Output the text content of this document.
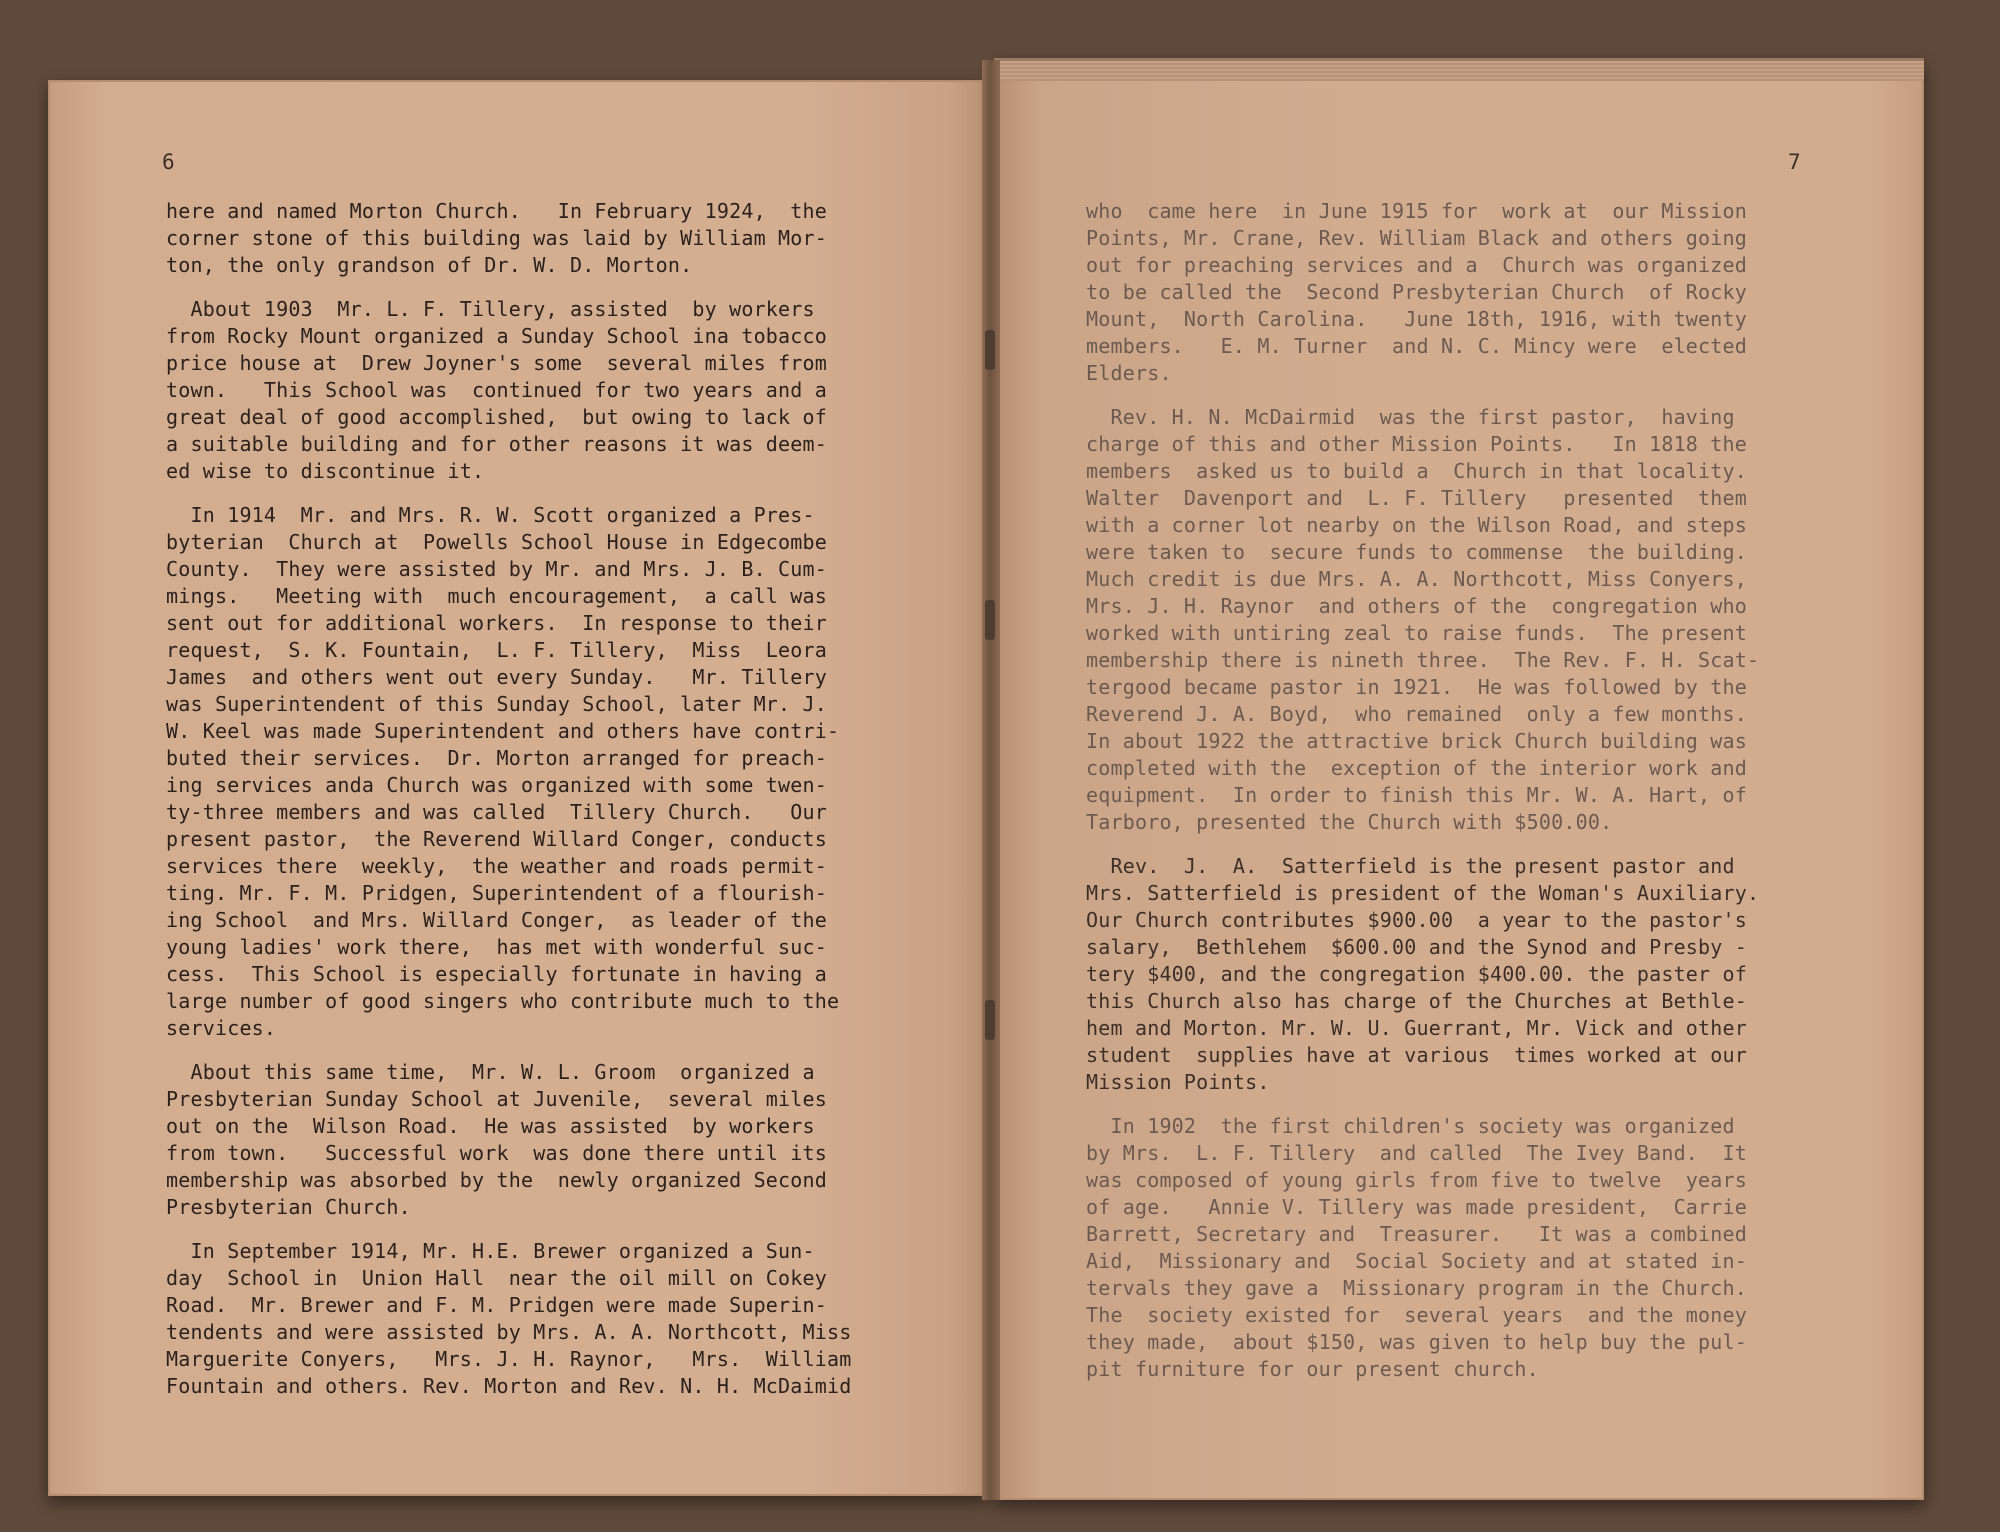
6	7

here and named Morton Church.   In February 1924,  the
corner stone of this building was laid by William Mor-
ton, the only grandson of Dr. W. D. Morton.

About 1903  Mr. L. F. Tillery, assisted  by workers
from Rocky Mount organized a Sunday School ina tobacco
price house at  Drew Joyner's some  several miles from
town.   This School was  continued for two years and a
great deal of good accomplished,  but owing to lack of
a suitable building and for other reasons it was deem-
ed wise to discontinue it.

In 1914  Mr. and Mrs. R. W. Scott organized a Pres-
byterian  Church at  Powells School House in Edgecombe
County.  They were assisted by Mr. and Mrs. J. B. Cum-
mings.   Meeting with  much encouragement,  a call was
sent out for additional workers.  In response to their
request,  S. K. Fountain,  L. F. Tillery,  Miss  Leora
James  and others went out every Sunday.   Mr. Tillery
was Superintendent of this Sunday School, later Mr. J.
W. Keel was made Superintendent and others have contri-
buted their services.  Dr. Morton arranged for preach-
ing services anda Church was organized with some twen-
ty-three members and was called  Tillery Church.   Our
present pastor,  the Reverend Willard Conger, conducts
services there  weekly,  the weather and roads permit-
ting. Mr. F. M. Pridgen, Superintendent of a flourish-
ing School  and Mrs. Willard Conger,  as leader of the
young ladies' work there,  has met with wonderful suc-
cess.  This School is especially fortunate in having a
large number of good singers who contribute much to the
services.

About this same time,  Mr. W. L. Groom  organized a
Presbyterian Sunday School at Juvenile,  several miles
out on the  Wilson Road.  He was assisted  by workers
from town.   Successful work  was done there until its
membership was absorbed by the  newly organized Second
Presbyterian Church.

In September 1914, Mr. H.E. Brewer organized a Sun-
day  School in  Union Hall  near the oil mill on Cokey
Road.  Mr. Brewer and F. M. Pridgen were made Superin-
tendents and were assisted by Mrs. A. A. Northcott, Miss
Marguerite Conyers,   Mrs. J. H. Raynor,   Mrs.  William
Fountain and others. Rev. Morton and Rev. N. H. McDaimid

who  came here  in June 1915 for  work at  our Mission
Points, Mr. Crane, Rev. William Black and others going
out for preaching services and a  Church was organized
to be called the  Second Presbyterian Church  of Rocky
Mount,  North Carolina.   June 18th, 1916, with twenty
members.   E. M. Turner  and N. C. Mincy were  elected
Elders.

Rev. H. N. McDairmid  was the first pastor,  having
charge of this and other Mission Points.   In 1818 the
members  asked us to build a  Church in that locality.
Walter  Davenport and  L. F. Tillery   presented  them
with a corner lot nearby on the Wilson Road, and steps
were taken to  secure funds to commense  the building.
Much credit is due Mrs. A. A. Northcott, Miss Conyers,
Mrs. J. H. Raynor  and others of the  congregation who
worked with untiring zeal to raise funds.  The present
membership there is nineth three.  The Rev. F. H. Scat-
tergood became pastor in 1921.  He was followed by the
Reverend J. A. Boyd,  who remained  only a few months.
In about 1922 the attractive brick Church building was
completed with the  exception of the interior work and
equipment.  In order to finish this Mr. W. A. Hart, of
Tarboro, presented the Church with $500.00.

Rev.  J.  A.  Satterfield is the present pastor and
Mrs. Satterfield is president of the Woman's Auxiliary.
Our Church contributes $900.00  a year to the pastor's
salary,  Bethlehem  $600.00 and the Synod and Presby -
tery $400, and the congregation $400.00. the paster of
this Church also has charge of the Churches at Bethle-
hem and Morton. Mr. W. U. Guerrant, Mr. Vick and other
student  supplies have at various  times worked at our
Mission Points.

In 1902  the first children's society was organized
by Mrs.  L. F. Tillery  and called  The Ivey Band.  It
was composed of young girls from five to twelve  years
of age.   Annie V. Tillery was made president,  Carrie
Barrett, Secretary and  Treasurer.   It was a combined
Aid,  Missionary and  Social Society and at stated in-
tervals they gave a  Missionary program in the Church.
The  society existed for  several years  and the money
they made,  about $150, was given to help buy the pul-
pit furniture for our present church.
